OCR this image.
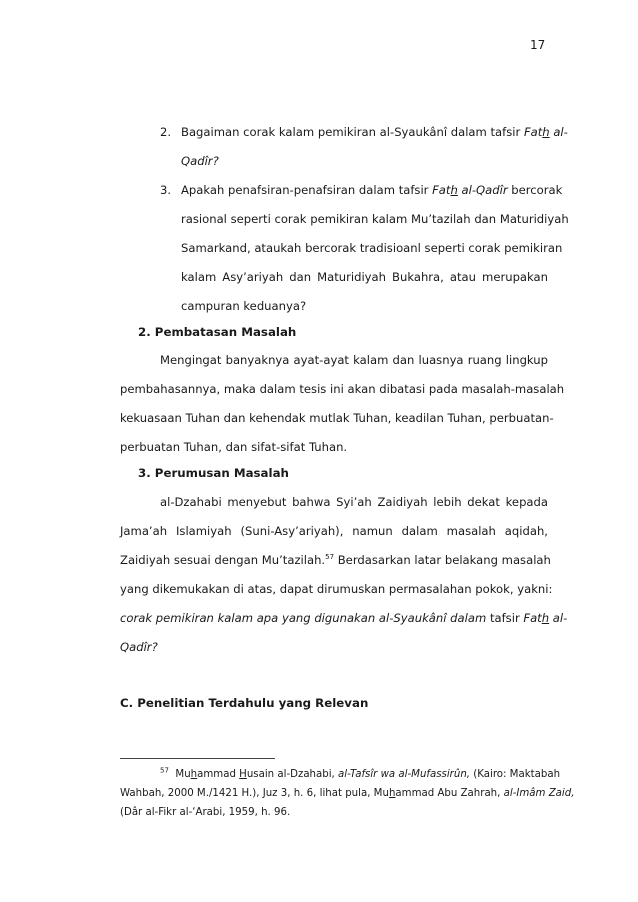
17
2. Bagaiman corak kalam pemikiran al-Syaukânî dalam tafsir Fath al-
Qadîr?
3. Apakah penafsiran-penafsiran dalam tafsir Fath al-Qadîr bercorak
rasional seperti corak pemikiran kalam Mu’tazilah dan Maturidiyah
Samarkand, ataukah bercorak tradisioanl seperti corak pemikiran
kalam Asy’ariyah dan Maturidiyah Bukahra, atau merupakan
campuran keduanya?
2. Pembatasan Masalah
Mengingat banyaknya ayat-ayat kalam dan luasnya ruang lingkup
pembahasannya, maka dalam tesis ini akan dibatasi pada masalah-masalah
kekuasaan Tuhan dan kehendak mutlak Tuhan, keadilan Tuhan, perbuatan-
perbuatan Tuhan, dan sifat-sifat Tuhan.
3. Perumusan Masalah
al-Dzahabi menyebut bahwa Syi’ah Zaidiyah lebih dekat kepada
Jama’ah Islamiyah (Suni-Asy’ariyah), namun dalam masalah aqidah,
Zaidiyah sesuai dengan Mu’tazilah.$^{57}$ Berdasarkan latar belakang masalah
yang dikemukakan di atas, dapat dirumuskan permasalahan pokok, yakni:
corak pemikiran kalam apa yang digunakan al-Syaukânî dalam tafsir Fath al-
Qadîr?
C. Penelitian Terdahulu yang Relevan
$^{57}$ Muhammad Husain al-Dzahabi, al-Tafsîr wa al-Mufassirûn, (Kairo: Maktabah
Wahbah, 2000 M./1421 H.), Juz 3, h. 6, lihat pula, Muhammad Abu Zahrah, al-Imâm Zaid,
(Dâr al-Fikr al-‘Arabi, 1959, h. 96.
